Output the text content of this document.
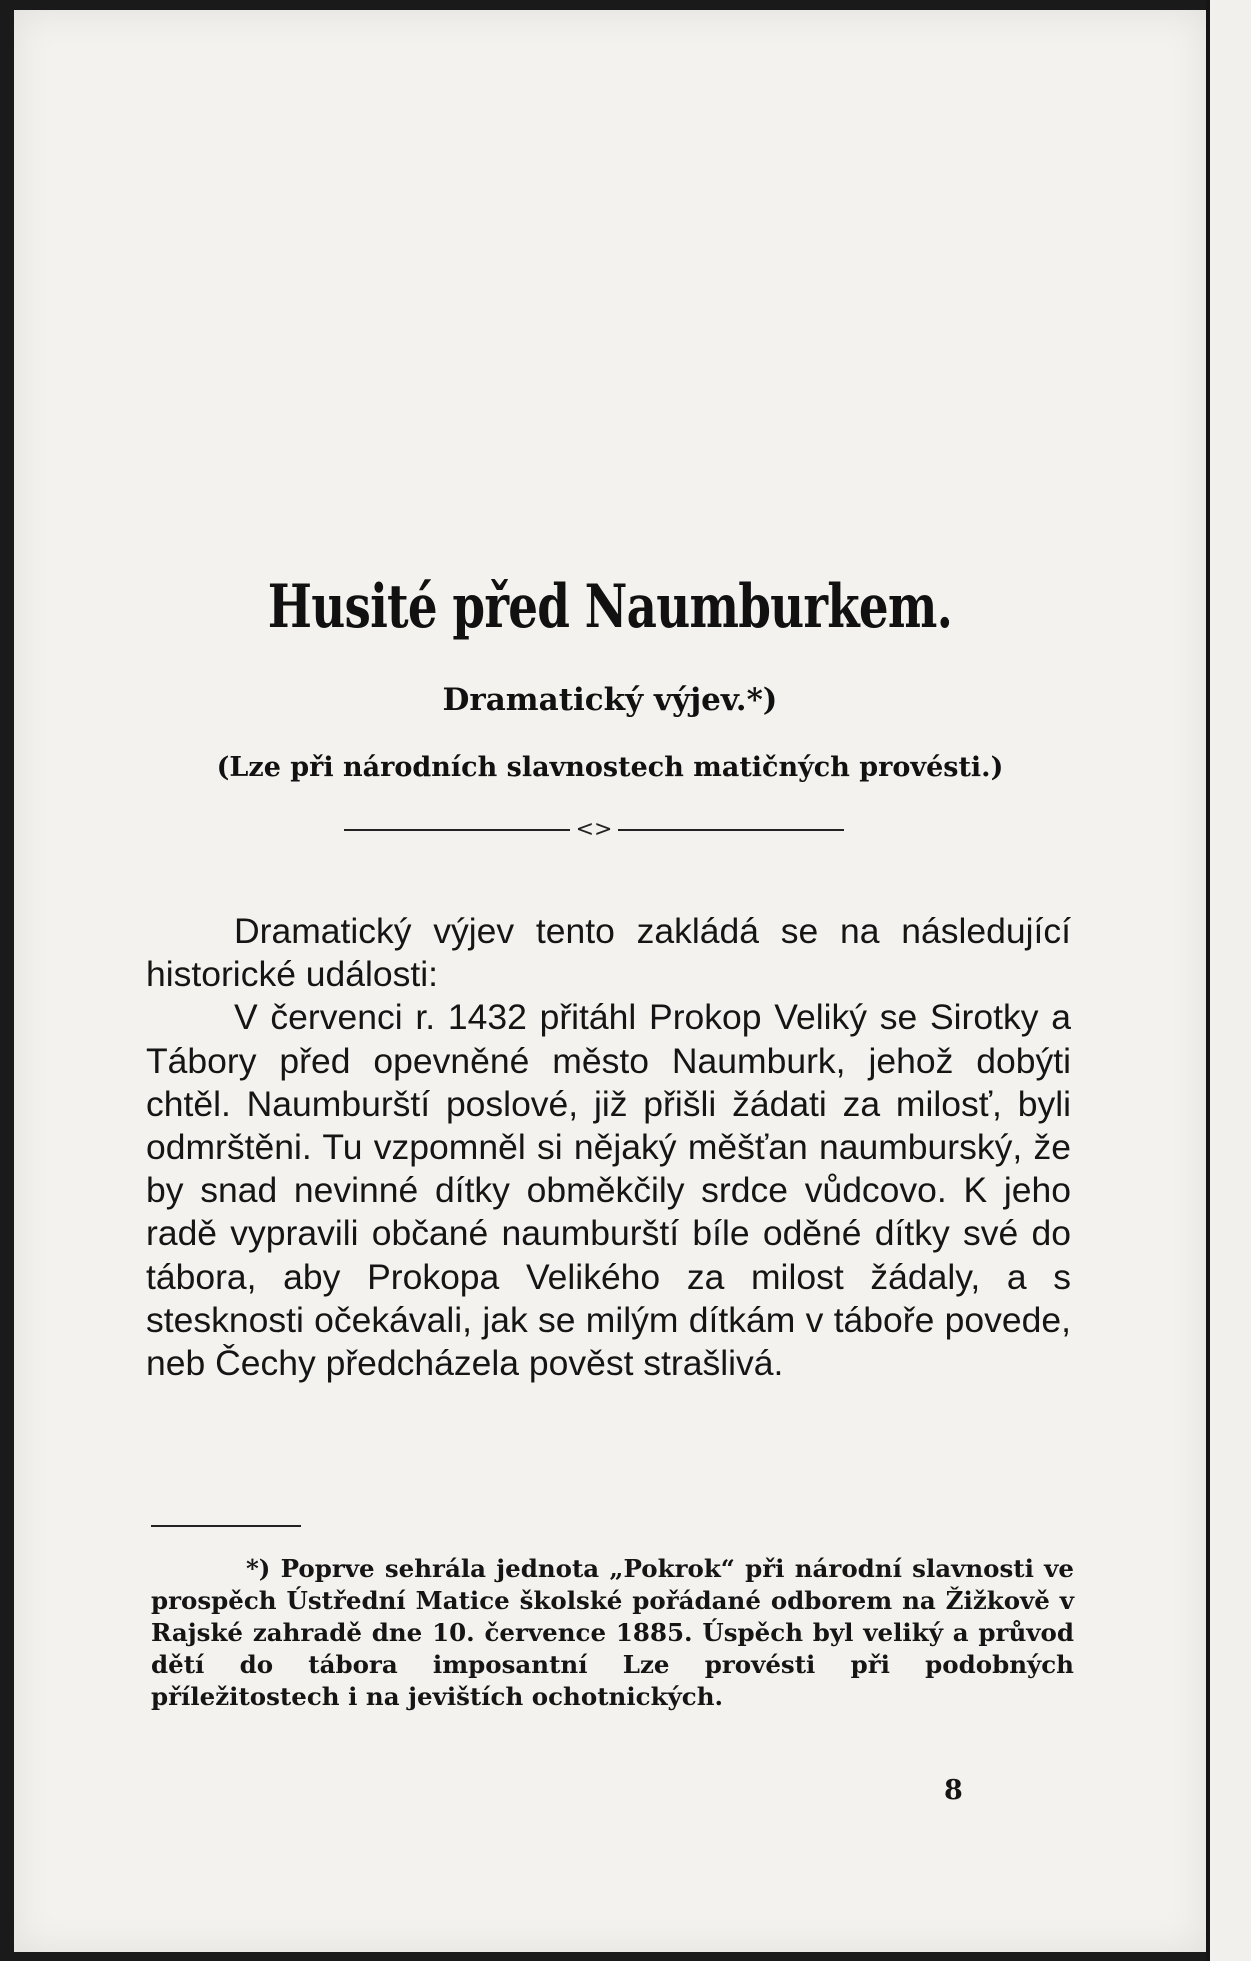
Husité před Naumburkem.
Dramatický výjev.*)
(Lze při národních slavnostech matičných provésti.)
<>

Dramatický výjev tento zakládá se na následující historické události:

V červenci r. 1432 přitáhl Prokop Veliký se Sirotky a Tábory před opevněné město Naumburk, jehož dobýti chtěl. Naumburští poslové, již přišli žádati za milosť, byli odmrštěni. Tu vzpomněl si nějaký měšťan naumburský, že by snad nevinné dítky obměkčily srdce vůdcovo. K jeho radě vypravili občané naumburští bíle oděné dítky své do tábora, aby Prokopa Velikého za milost žádaly, a s stesknosti očekávali, jak se milým dítkám v táboře povede, neb Čechy předcházela pověst strašlivá.

*) Poprve sehrála jednota „Pokrok“ při národní slavnosti ve prospěch Ústřední Matice školské pořádané odborem na Žižkově v Rajské zahradě dne 10. července 1885. Úspěch byl veliký a průvod dětí do tábora imposantní Lze provésti při podobných příležitostech i na jevištích ochotnických.
8
